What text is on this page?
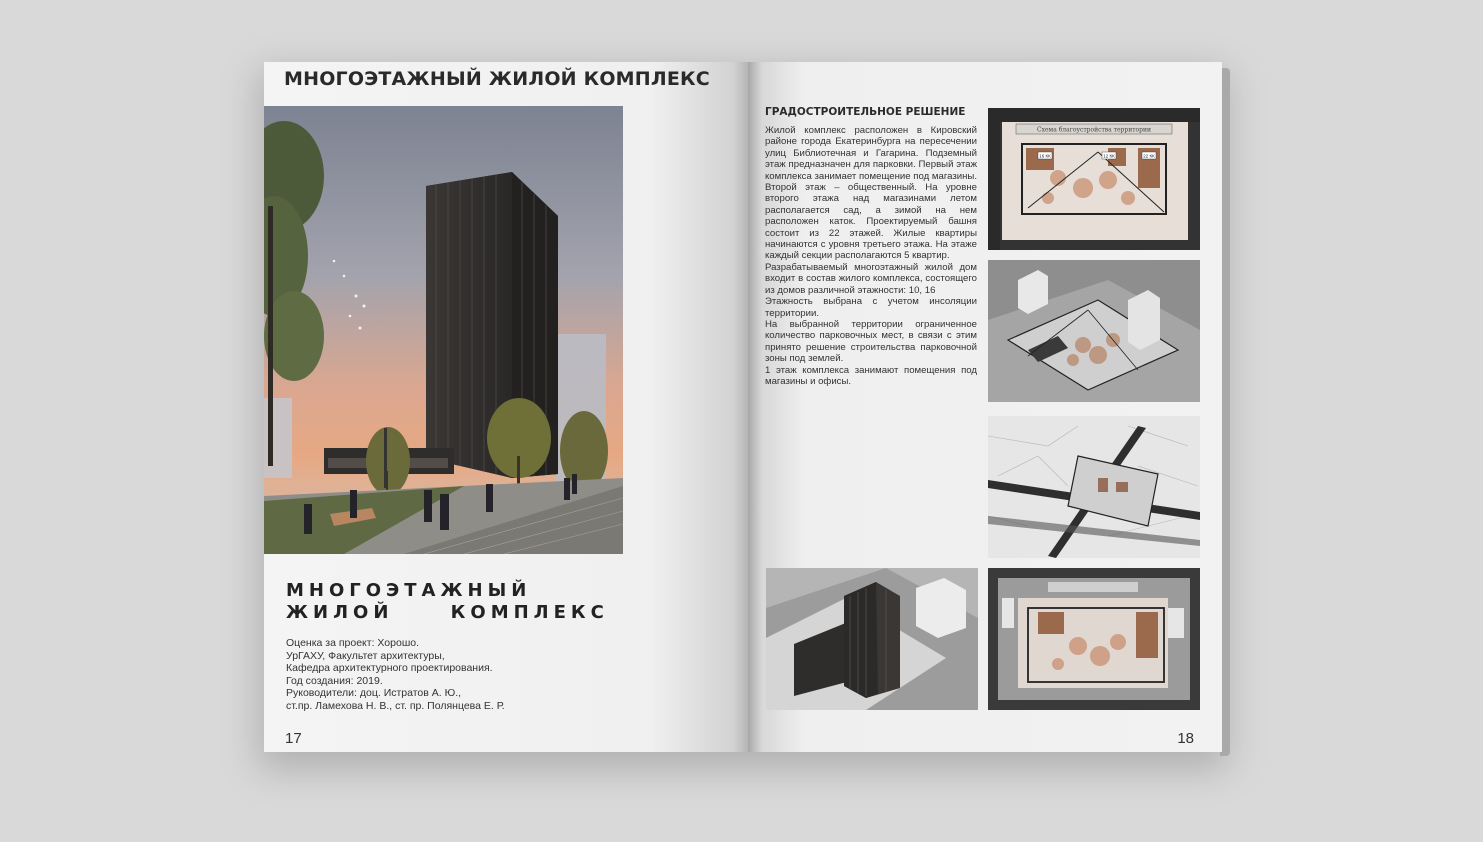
МНОГОЭТАЖНЫЙ ЖИЛОЙ КОМПЛЕКС
МНОГОЭТАЖНЫЙ
ЖИЛОЙ КОМПЛЕКС
Оценка за проект: Хорошо.
УрГАХУ, Факультет архитектуры,
Кафедра архитектурного проектирования.
Год создания: 2019.
Руководители: доц. Истратов А. Ю.,
ст.пр. Ламехова Н. В., ст. пр. Полянцева Е. Р.
17
ГРАДОСТРОИТЕЛЬНОЕ РЕШЕНИЕ

Жилой комплекс расположен в Кировский районе города Екатеринбурга на пересечении улиц Библиотечная и Гагарина. Подземный этаж предназначен для парковки. Первый этаж комплекса занимает помещение под магазины. Второй этаж – общественный. На уровне второго этажа над магазинами летом располагается сад, а зимой на нем расположен каток. Проектируемый башня состоит из 22 этажей. Жилые квартиры начинаются с уровня третьего этажа. На этаже каждый секции располагаются 5 квартир.

Разрабатываемый многоэтажный жилой дом входит в состав жилого комплекса, состоящего из домов различной этажности: 10, 16

Этажность выбрана с учетом инсоляции территории.

На выбранной территории ограниченное количество парковочных мест, в связи с этим принято решение строительства парковочной зоны под землей.

1 этаж комплекса занимают помещения под магазины и офисы.

Схема благоустройства территории
16 КК	12 КК	22 КК
18
